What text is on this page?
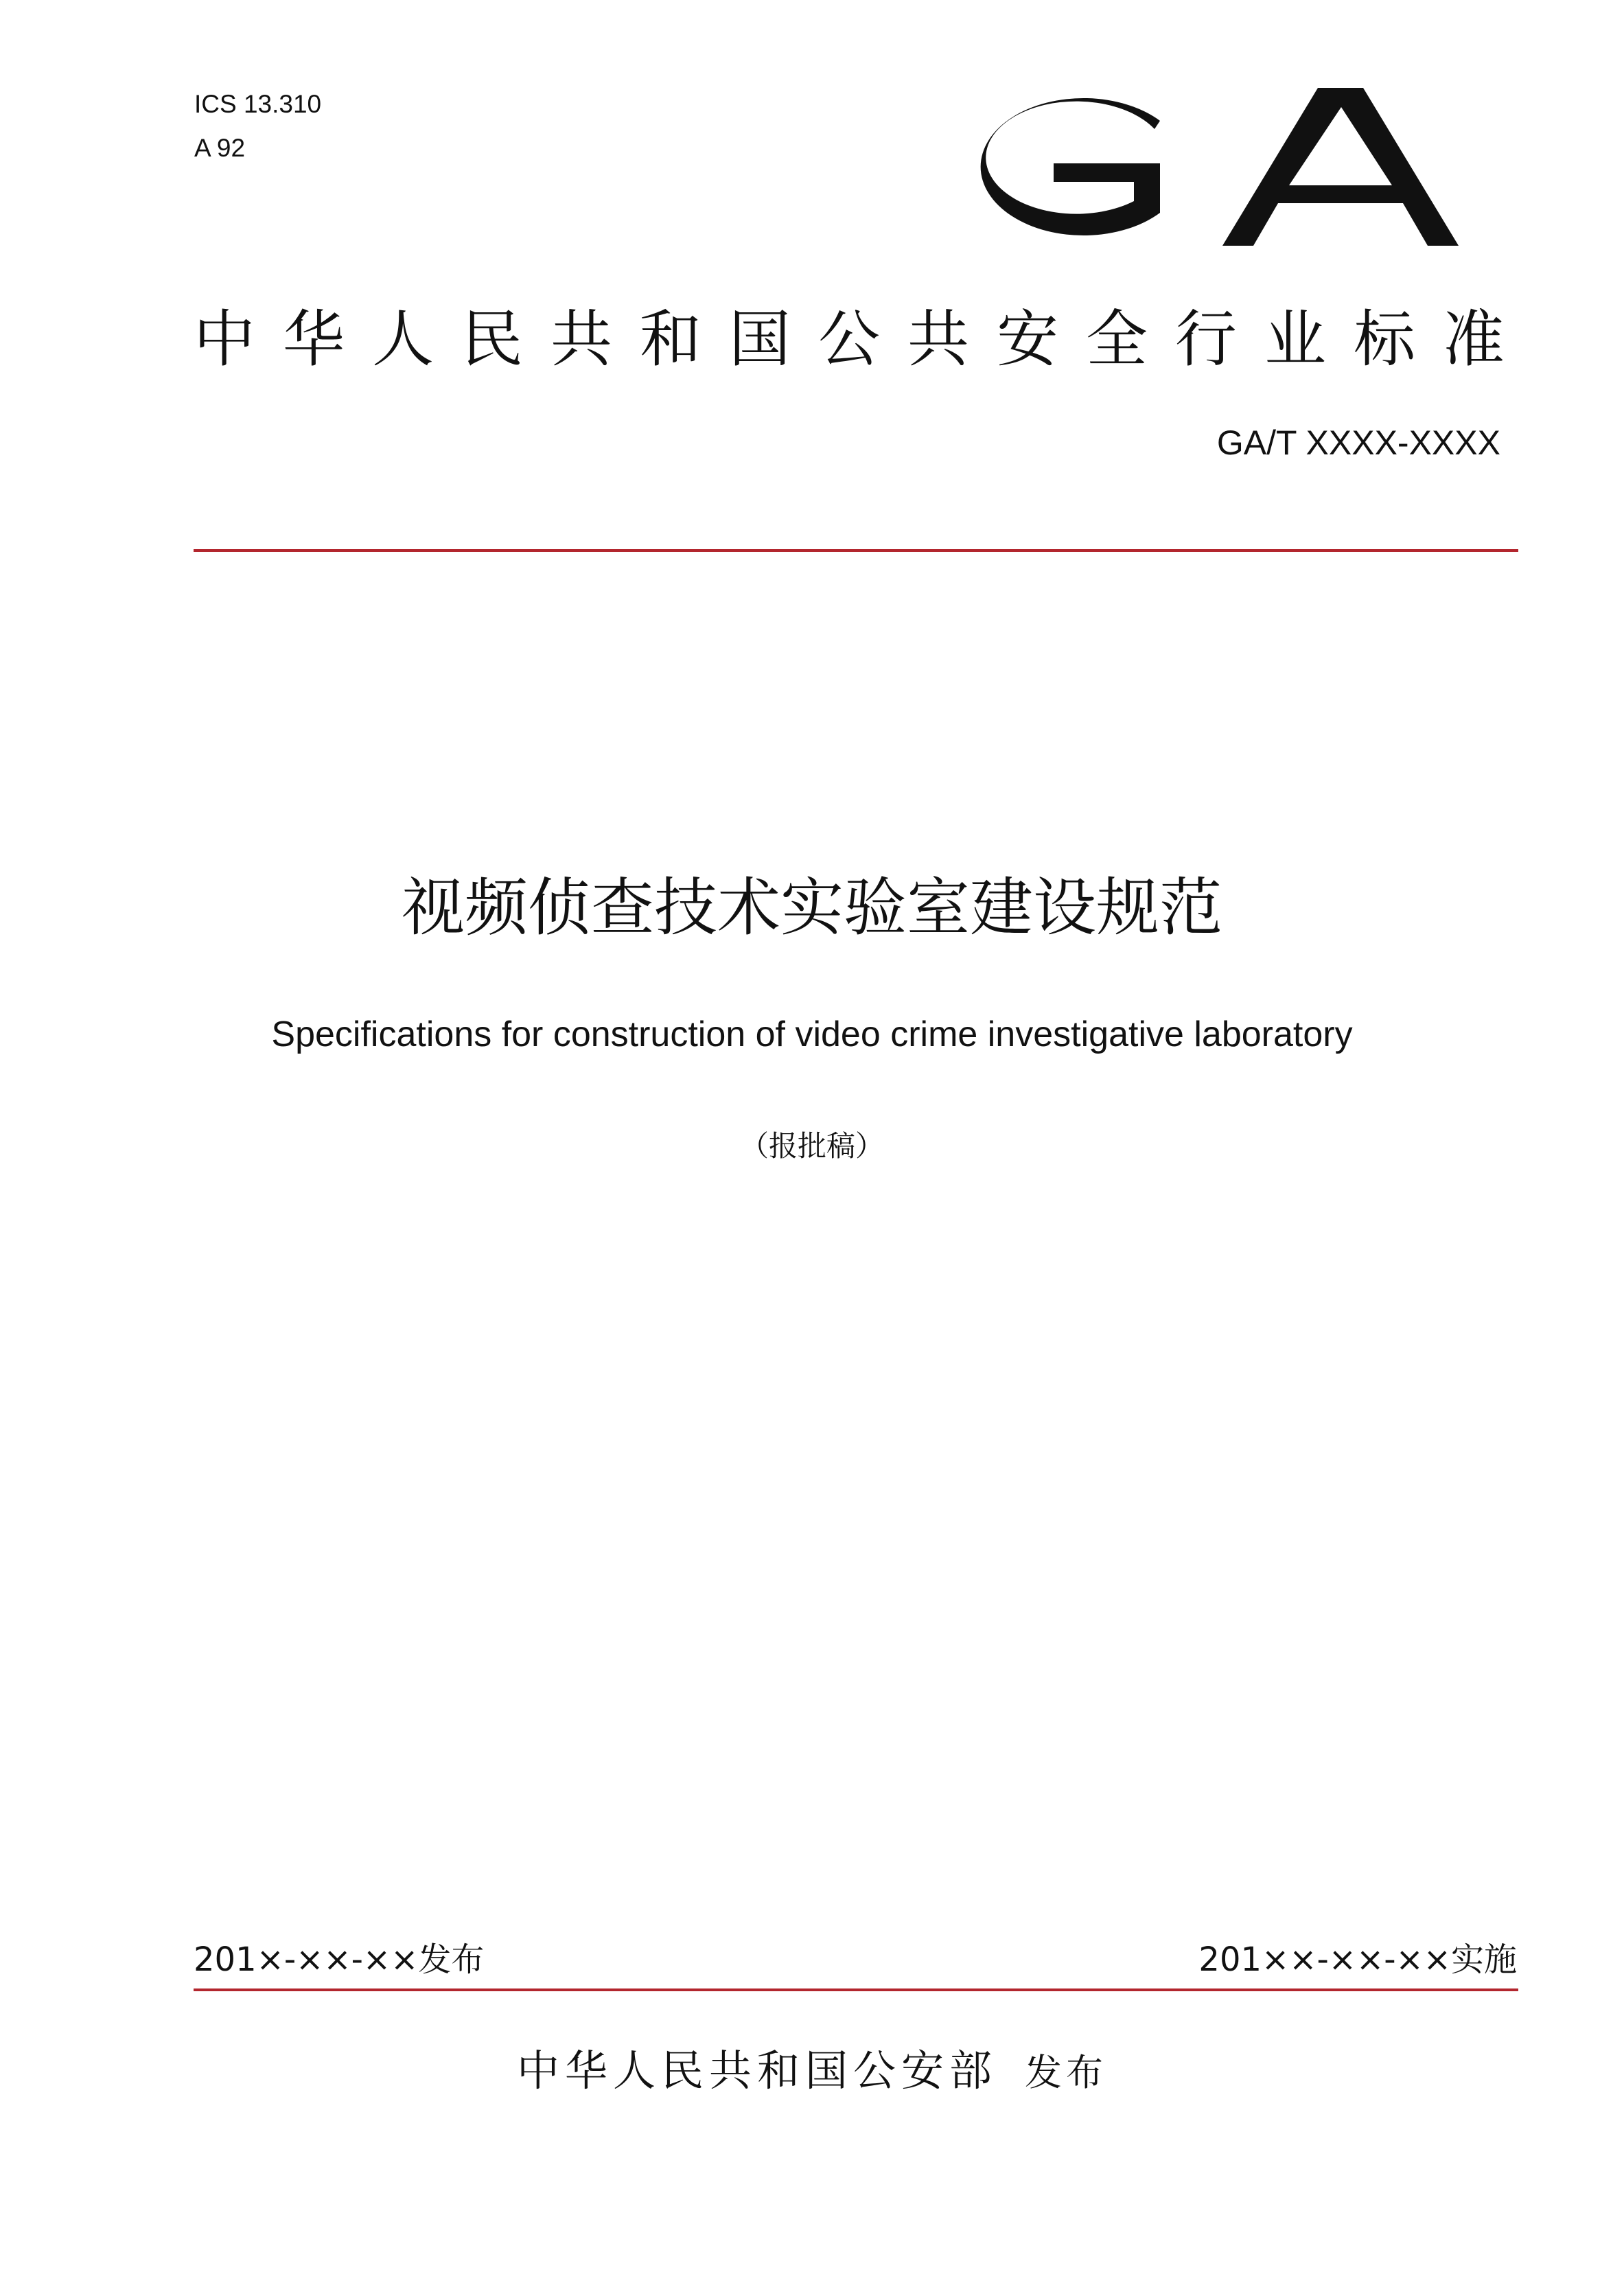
ICS 13.310
A 92
中华人民共和国公共安全行业标准
GA/T XXXX-XXXX
视频侦查技术实验室建设规范
Specifications for construction of video crime investigative laboratory
（报批稿）
201×-××-××发布	201××-××-××实施
中华人民共和国公安部 发布
